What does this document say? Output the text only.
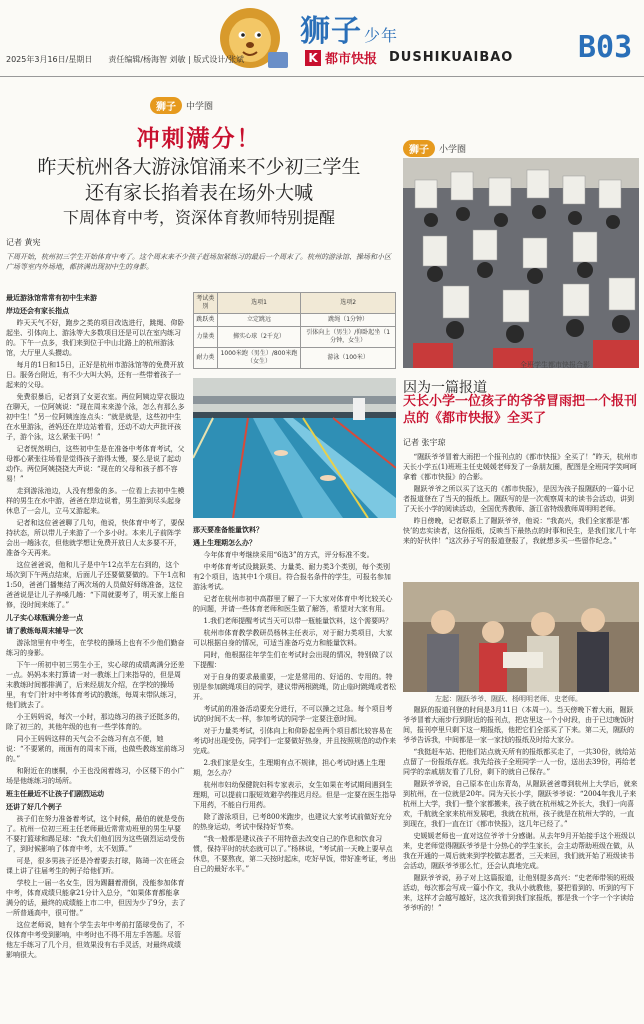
狮子 少年
K 都市快报 DUSHIKUAIBAO B03
2025年3月16日/星期日　　责任编辑/杨海智 刘敏 | 版式设计/张斌
狮子	中学圈
冲刺满分！
昨天杭州各大游泳馆涌来不少初三学生
还有家长掐着表在场外大喊
下周体育中考，资深体育教师特别提醒
记者 黄宪
下周开始，杭州初三学生开始体育中考了。这个周末来不少孩子赶场加紧练习的最后一个周末了。杭州的游泳馆、操场和小区广场等室内外场地，都挤满出现初中生的身影。

最近游泳馆常常有初中生来游

岸边还会有家长指点

昨天天气不好，跑步之类的项目改选进行，跳绳、仰卧起坐、引体向上、游泳等大多数项目还是可以在室内练习的。下午一点多，我们来到位于中山北路上的杭州游泳馆，大厅里人头攒动。

每月的1日和15日，正好是杭州市游泳馆等的免费开放日。服务台附近，有不少大叫大妈，还有一些带着孩子一起来的父母。

免费很暴后，记者到了女更衣室。两位阿姨边穿衣服边在聊天，一位阿姨说：“现在周末来游个泳，怎么有那么多初中生！”另一位阿姨连连点头：“就是就是，这些初中生在水里游泳，爸妈还在岸边站着看，还动不动大声批评孩子，游个泳，这么紧张干吗！”

记者恍然明白，这些初中生是在准备中考体育考试，父母都心紧张往场看是觉得孩子游得太慢，要么是说了起动动作。两位阿姨挠挠大声说：“现在的父母和孩子都不容易！”

走到游泳池边，人没有想象的多。一位看上去初中生模样的男生在水中游，爸爸在岸边说着，男生游到尽头起身休息了一会儿，立马又游起来。

记者和这位爸爸聊了几句，他说，快体育中考了，要保持状态，所以带儿子来游了一个多小时。本来儿子前阵学会出一趟泳衣，但他就学想让免费开放日人太多要不开，准备今天再来。

这位爸爸说，他和儿子是中午12点半左右到的，这个场次到下午两点结束，后面儿子还要做要做的。下午1点和1:50，爸爸门播集结了两次场的人员做好师练准备，这位爸爸说是让儿子养嗓几趟：“下周就要考了，明天家上能自修，没时间来练了。”

儿子实心球瓶满分差一点

请了教练每周末辅导一次

游泳馆里有中考生，在学校的操场上也有不少他们勤奋练习的身影。

下午一所初中初三男生小王，实心球的成绩离满分还差一点。妈妈本来打算请一对一教练上门来指导的，但是周末教练时间都排满了，后来经朋友介绍，在学校的操场里，有专门针对中考体育考试的教练，每周末带队练习，他们就去了。

小王妈妈说，每次一小时，那边练习的孩子还挺多的，除了初三的，其他年级的也有一些学体育的。

同小王妈妈这样的天气会不会练习有点不便，她说：“不要紧的，雨面有的周末下雨，也做些教练室前练习的。”

和附近在的康桐，小王也没闲着练习，小区楼下的小广场是他练练习的场所。

班主任最近不让孩子们剧烈运动

还讲了好几个例子

孩子们在努力准备着考试，这个时候，最伯的就是受伤了。杭州一位初三班主任老师最近常常劝班里的男生早要不要打篮球和踢足球：“我大们他们因为这些剧烈运动受伤了，到时候影响了体育中考，太不划算。”

可是，很多男孩子还是冷着要去打球，陈琦一次在班会课上讲了往届考生的例子给他们听。

学校上一届一名女生，因为踢翻着滑倒，没能参加体育中考，体育成绩只能拿21分计入总分，“如果体育都能拿满分的话，最终的成绩能上市二中，但因为少了9分，去了一所普通高中，很可惜。”

这位老师说，她有个学生去年中考前打篮球受伤了，不仅体育中考受到影响，中考时也不得不用左手答题。尽管他左手练习了几个月，但效果没有右手灵活，对最终成绩影响很大。

考试类别	选项1	选项2
跳跃类	立定跳远	跳绳（1分钟）
力量类	掷实心球（2千克）	引体向上（男生）/仰卧起坐（1分钟，女生）
耐力类	1000米跑（男生）/800米跑（女生）	游泳（100米）

那天要准备能量饮料？

遇上生理期怎么办？

今年体育中考继续采用“6选3”的方式，评分标准不变。

中考体育考试设跳跃类、力量类、耐力类3个类别，每个类别有2个项目，选其中1个项目。符合报名条件的学生，可报名参加游泳考试。

记者在杭州市初中高群里了解了一下大家对体育中考比较关心的问题，并请一些体育老师和医生做了解答，希望对大家有用。

1.我们老师提醒考试当天可以带一瓶能量饮料，这个需要吗？

杭州市体育教学教研员杨林主任表示，对于耐力类项目，大家可以根据自身的情况，可适当准备巧克力和能量饮料。

同时，他根据往年学生们在考试时会出现的情况，特别做了以下提醒：

对于自身的要求最重要，一定是常用的、好适的、专用的。特别是参加跳绳项目的同学，建议带两根跳绳，防止临时跳绳或者松开。

考试前的准备活动要充分进行，不可以操之过急。每个项目考试的时间不太一样，参加考试的同学一定要注意时间。

对于力量类考试，引体向上和仰卧起坐两个项目都比较容易在考试时出现受伤，同学们一定要做好热身，并且按照规范的动作来完成。

2.我们家是女生，生理期有点不规律，担心考试时遇上生理期，怎么办？

杭州市妇幼保健院妇科专家表示，女生如果在考试期间遇到生理期，可以提前口服短效避孕药推迟月经。但是一定要在医生指导下用药，不能自行用药。

除了游泳项目，已考800米跑步，也建议大家考试前做好充分的热身运动，考试中保持好节奏。

“我一般都是建议孩子不用特意去改变自己的作息和饮食习惯，保持平时的状态就可以了。”杨林说，“考试前一天晚上要早点休息，不要熬夜，第二天按时起床，吃好早饭，带好准考证，考出自己的最好水平。”

狮子	小学圈
全班学生都市快报合影
因为一篇报道
天长小学一位孩子的爷爷冒雨把一个报刊点的《都市快报》全买了
记者 张宇琼

“隰跃爷爷冒着大雨把一个报刊点的《都市快报》全买了！”昨天，杭州市天长小学五(1)班班主任史媛媛老师发了一条朋友圈，配图是全班同学笑呵呵拿着《都市快报》的合影。

隰跃爷爷之所以买了这天的《都市快报》，是因为孩子报隰跃的一篇小记者报道登在了当天的报纸上。隰跃写的是一次观察周末的读书会活动，讲到了天长小学的阅读活动，全国优秀教师、浙江省特级教师周明明老师。

昨日傍晚，记者联系上了隰跃爷爷，他说：“我高兴，我们全家都是‘都快’的忠实读者，这份报纸，反映当下最热点的时事和民生，是我们家几十年来的好伙伴！”这次孙子写的报道登报了，我就想多买一些留作纪念。”

左起：隰跃爷爷、隰跃、杨明明老师、史老师。

隰跃的报道刊登的时间是3月11日（本周一）。当天傍晚下着大雨，隰跃爷爷冒着大雨步行到附近的报刊点，把店里这一个小时段，由于已过晚饭时间，报刊亭里只剩下这一期报纸，他把它们全部买了下来。第二天，隰跃的爷爷告诉我，中间都是一家一家找的报纸及时给大家分。

“我挺赶车站、把他们站点就天所有的报纸都买走了，一共30份，就给站点留了一份报纸存底。我先给孩子全班同学一人一份，送出去39份，再给老同学的亲戚朋友看了几份，剩下的就自己保存。”

隰跃爷爷说，自己原本在山东青岛，从隰跃爸爸尊到杭州上大学后，就来到杭州，在一位就是20年。同为天长小学，隰跃爷爷说：“2004年我儿子来杭州上大学，我们一整个家都搬来，孩子就在杭州城之外长大，我们一向喜欢，千航就全家来杭州发展吧，我就在杭州，孩子就是在杭州大学的，一直到现在，我们一直在订《都市快报》，这几年已经了。”

史媛媛老师也一直对这位爷爷十分感谢。从去年9月开始接手这个班级以来，史老师觉得隰跃爷爷是十分热心的学生家长，会主动帮助班级在做，从我在开通的一周后就来到学校做志愿者，三天来回，我们就开始了班级读书会活动，隰跃爷爷那么忙，还会认真地完成。

隰跃爷爷说，孙子对上这篇报道，让他别提多高兴：“史老师带领的班级活动，每次都会写成一篇小作文，我从小就教他，要把看到的、听到的写下来，这样才会越写越好，这次我看到我们家报纸，都是我一个字一个字读给爷爷听的！”
